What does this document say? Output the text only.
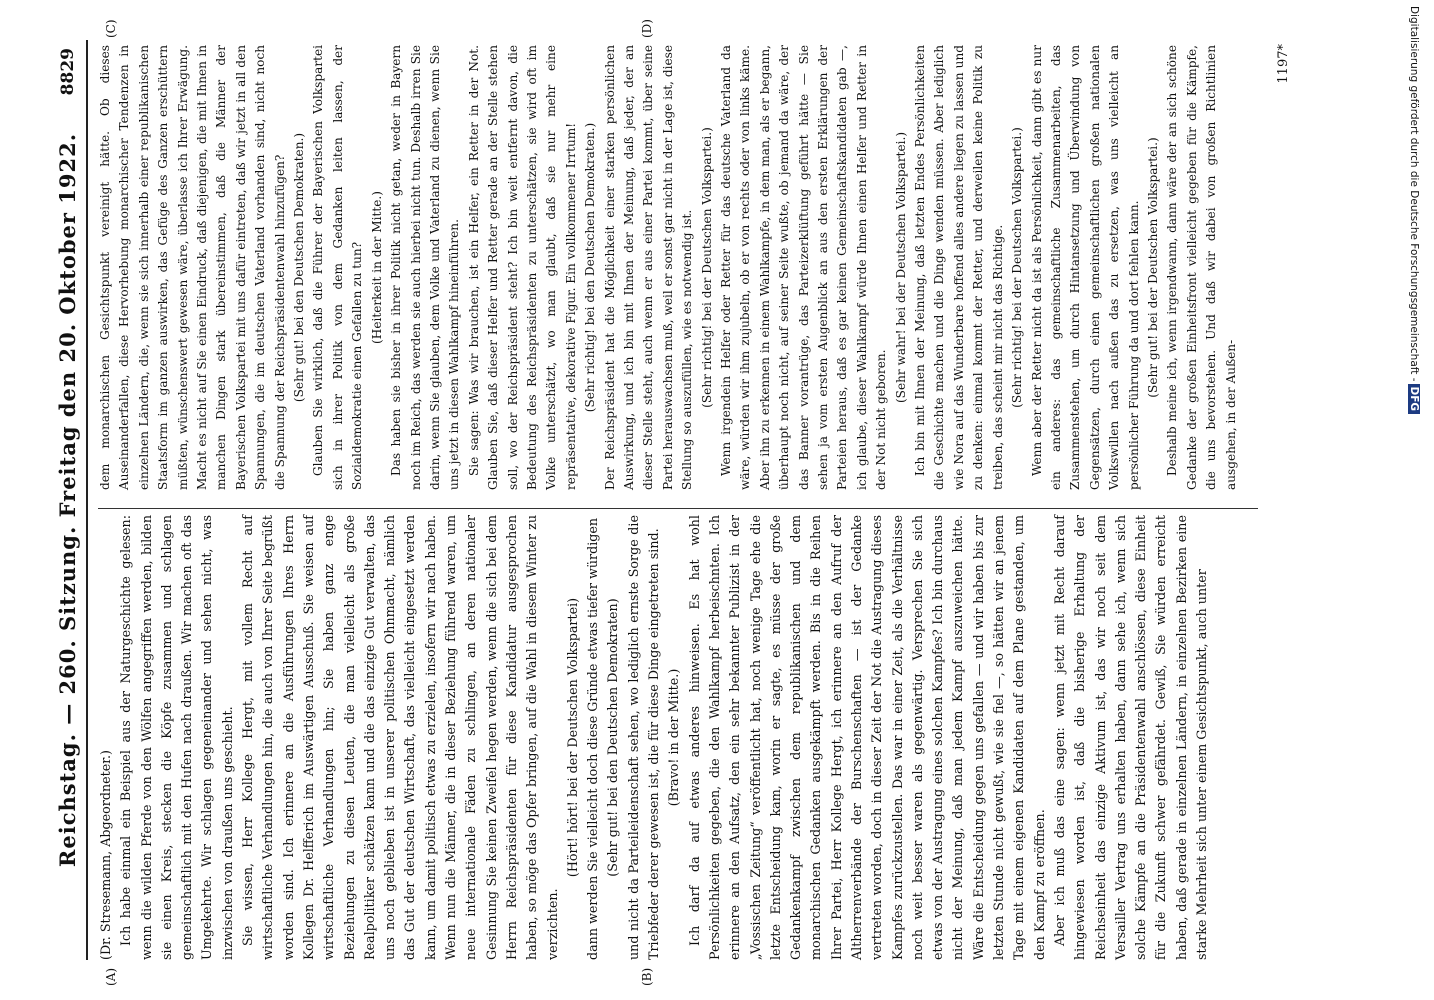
Reichstag. — 260. Sitzung. Freitag den 20. Oktober 1922.
8829
(A)	(B)
(C)	(D)

(Dr. Stresemann, Abgeordneter.) Ich habe einmal ein Beispiel aus der Naturgeschichte gelesen: wenn die wilden Pferde von den Wölfen angegriffen werden, bilden sie einen Kreis, stecken die Köpfe zusammen und schlagen gemeinschaftlich mit den Hufen nach draußen. Wir machen oft das Umgekehrte. Wir schlagen gegeneinander und sehen nicht, was inzwischen von draußen uns geschieht. Sie wissen, Herr Kollege Hergt, mit vollem Recht auf wirtschaftliche Verhandlungen hin, die auch von Ihrer Seite begrüßt worden sind. Ich erinnere an die Ausführungen Ihres Herrn Kollegen Dr. Helfferich im Auswärtigen Ausschuß. Sie weisen auf wirtschaftliche Verhandlungen hin; Sie haben ganz enge Beziehungen zu diesen Leuten, die man vielleicht als große Realpolitiker schätzen kann und die das einzige Gut verwalten, das uns noch geblieben ist in unserer politischen Ohnmacht, nämlich das Gut der deutschen Wirtschaft, das vielleicht eingesetzt werden kann, um damit politisch etwas zu erzielen, insofern wir nach haben. Wenn nun die Männer, die in dieser Beziehung führend waren, um neue internationale Fäden zu schlingen, an deren nationaler Gesinnung Sie keinen Zweifel hegen werden, wenn die sich bei dem Herrn Reichspräsidenten für diese Kandidatur ausgesprochen haben, so möge das Opfer bringen, auf die Wahl in diesem Winter zu verzichten.

(Hört! hört! bei der Deutschen Volkspartei) dann werden Sie vielleicht doch diese Gründe etwas tiefer würdigen (Sehr gut! bei den Deutschen Demokraten) und nicht da Parteileidenschaft sehen, wo lediglich ernste Sorge die Triebfeder derer gewesen ist, die für diese Dinge eingetreten sind. (Bravo! in der Mitte.) Ich darf da auf etwas anderes hinweisen. Es hat wohl Persönlichkeiten gegeben, die den Wahlkampf herbeischnten. Ich erinnere an den Aufsatz, den ein sehr bekannter Publizist in der „Vossischen Zeitung“ veröffentlicht hat, noch wenige Tage ehe die letzte Entscheidung kam, worin er sagte, es müsse der große Gedankenkampf zwischen dem republikanischen und dem monarchischen Gedanken ausgekämpft werden. Bis in die Reihen Ihrer Partei, Herr Kollege Hergt, ich erinnere an den Aufruf der Altherrenverbände der Burschenschaften — ist der Gedanke vertreten worden, doch in dieser Zeit der Not die Austragung dieses Kampfes zurückzustellen. Das war in einer Zeit, als die Verhältnisse noch weit besser waren als gegenwärtig. Versprechen Sie sich etwas von der Austragung eines solchen Kampfes? Ich bin durchaus nicht der Meinung, daß man jedem Kampf auszuweichen hätte. Wäre die Entscheidung gegen uns gefallen — und wir haben bis zur letzten Stunde nicht gewußt, wie sie fiel —, so hätten wir an jenem Tage mit einem eigenen Kandidaten auf dem Plane gestanden, um den Kampf zu eröffnen. Aber ich muß das eine sagen: wenn jetzt mit Recht darauf hingewiesen worden ist, daß die bisherige Erhaltung der Reichseinheit das einzige Aktivum ist, das wir noch seit dem Versailler Vertrag uns erhalten haben, dann sehe ich, wenn sich solche Kämpfe an die Präsidentenwahl anschlössen, diese Einheit für die Zukunft schwer gefährdet. Gewiß, Sie würden erreicht haben, daß gerade in einzelnen Ländern, in einzelnen Bezirken eine starke Mehrheit sich unter einem Gesichtspunkt, auch unter

dem monarchischen Gesichtspunkt vereinigt hätte. Ob dieses Auseinanderfallen, diese Hervorhebung monarchischer Tendenzen in einzelnen Ländern, die, wenn sie sich innerhalb einer republikanischen Staatsform im ganzen auswirken, das Gefüge des Ganzen erschüttern müßten, wünschenswert gewesen wäre, überlasse ich Ihrer Erwägung. Macht es nicht auf Sie einen Eindruck, daß diejenigen, die mit Ihnen in manchen Dingen stark übereinstimmen, daß die Männer der Bayerischen Volkspartei mit uns dafür eintreten, daß wir jetzt in all den Spannungen, die im deutschen Vaterland vorhanden sind, nicht noch die Spannung der Reichspräsidentenwahl hinzufügen? (Sehr gut! bei den Deutschen Demokraten.) Glauben Sie wirklich, daß die Führer der Bayerischen Volkspartei sich in ihrer Politik von dem Gedanken leiten lassen, der Sozialdemokratie einen Gefallen zu tun? (Heiterkeit in der Mitte.) Das haben sie bisher in ihrer Politik nicht getan, weder in Bayern noch im Reich, das werden sie auch hierbei nicht tun. Deshalb irren Sie darin, wenn Sie glauben, dem Volke und Vaterland zu dienen, wenn Sie uns jetzt in diesen Wahlkampf hineinführen. Sie sagen: Was wir brauchen, ist ein Helfer, ein Retter in der Not. Glauben Sie, daß dieser Helfer und Retter gerade an der Stelle stehen soll, wo der Reichspräsident steht? Ich bin weit entfernt davon, die Bedeutung des Reichspräsidenten zu unterschätzen, sie wird oft im Volke unterschätzt, wo man glaubt, daß sie nur mehr eine repräsentative, dekorative Figur. Ein vollkommener Irrtum! (Sehr richtig! bei den Deutschen Demokraten.) Der Reichspräsident hat die Möglichkeit einer starken persönlichen Auswirkung, und ich bin mit Ihnen der Meinung, daß jeder, der an dieser Stelle steht, auch wenn er aus einer Partei kommt, über seine Partei herauswachsen muß, weil er sonst gar nicht in der Lage ist, diese Stellung so auszufüllen, wie es notwendig ist. (Sehr richtig! bei der Deutschen Volkspartei.) Wenn irgendein Helfer oder Retter für das deutsche Vaterland da wäre, würden wir ihm zujubeln, ob er von rechts oder von links käme. Aber ihn zu erkennen in einem Wahlkampfe, in dem man, als er begann, überhaupt noch nicht, auf seiner Seite wußte, ob jemand da wäre, der das Banner vorantrüge, das Parteizerklüftung geführt hätte — Sie sehen ja vom ersten Augenblick an aus den ersten Erklärungen der Parteien heraus, daß es gar keinen Gemeinschaftskandidaten gab —, ich glaube, dieser Wahlkampf würde Ihnen einen Helfer und Retter in der Not nicht geboren.

(Sehr wahr! bei der Deutschen Volkspartei.) Ich bin mit Ihnen der Meinung, daß letzten Endes Persönlichkeiten die Geschichte machen und die Dinge wenden müssen. Aber lediglich wie Nora auf das Wunderbare hoffend alles andere liegen zu lassen und zu denken: einmal kommt der Retter, und derweilen keine Politik zu treiben, das scheint mir nicht das Richtige. (Sehr richtig! bei der Deutschen Volkspartei.) Wenn aber der Retter nicht da ist als Persönlichkeit, dann gibt es nur ein anderes: das gemeinschaftliche Zusammenarbeiten, das Zusammenstehen, um durch Hintansetzung und Überwindung von Gegensätzen, durch einen gemeinschaftlichen großen nationalen Volkswillen nach außen das zu ersetzen, was uns vielleicht an persönlicher Führung da und dort fehlen kann. (Sehr gut! bei der Deutschen Volkspartei.) Deshalb meine ich, wenn irgendwann, dann wäre der an sich schöne Gedanke der großen Einheitsfront vielleicht gegeben für die Kämpfe, die uns bevorstehen. Und daß wir dabei von großen Richtlinien ausgehen, in der Außen-

1197*	Digitalisierung gefördert durch die Deutsche Forschungsgemeinschaft -DFG
